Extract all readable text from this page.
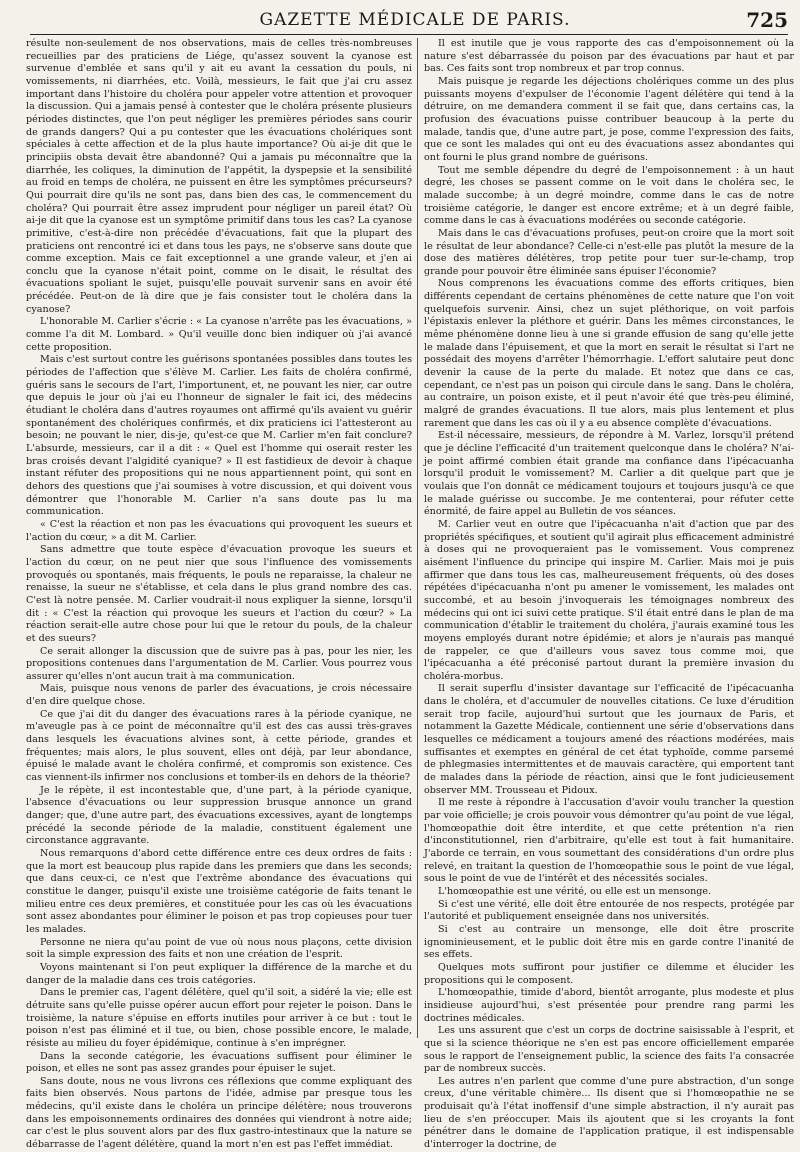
GAZETTE MÉDICALE DE PARIS.	725

résulte non-seulement de nos observations, mais de celles très-nombreuses recueillies par des praticiens de Liége, qu'assez souvent la cyanose est survenue d'emblée et sans qu'il y ait eu avant la cessation du pouls, ni vomissements, ni diarrhées, etc. Voilà, messieurs, le fait que j'ai cru assez important dans l'histoire du choléra pour appeler votre attention et provoquer la discussion. Qui a jamais pensé à contester que le choléra présente plusieurs périodes distinctes, que l'on peut négliger les premières périodes sans courir de grands dangers? Qui a pu contester que les évacuations cholériques sont spéciales à cette affection et de la plus haute importance? Où ai-je dit que le principiis obsta devait être abandonné? Qui a jamais pu méconnaître que la diarrhée, les coliques, la diminution de l'appétit, la dyspepsie et la sensibilité au froid en temps de choléra, ne puissent en être les symptômes précurseurs? Qui pourrait dire qu'ils ne sont pas, dans bien des cas, le commencement du choléra? Qui pourrait être assez imprudent pour négliger un pareil état? Où ai-je dit que la cyanose est un symptôme primitif dans tous les cas? La cyanose primitive, c'est-à-dire non précédée d'évacuations, fait que la plupart des praticiens ont rencontré ici et dans tous les pays, ne s'observe sans doute que comme exception. Mais ce fait exceptionnel a une grande valeur, et j'en ai conclu que la cyanose n'était point, comme on le disait, le résultat des évacuations spoliant le sujet, puisqu'elle pouvait survenir sans en avoir été précédée. Peut-on de là dire que je fais consister tout le choléra dans la cyanose?

L'honorable M. Carlier s'écrie : « La cyanose n'arrête pas les évacuations, » comme l'a dit M. Lombard. » Qu'il veuille donc bien indiquer où j'ai avancé cette proposition.

Mais c'est surtout contre les guérisons spontanées possibles dans toutes les périodes de l'affection que s'élève M. Carlier. Les faits de choléra confirmé, guéris sans le secours de l'art, l'importunent, et, ne pouvant les nier, car outre que depuis le jour où j'ai eu l'honneur de signaler le fait ici, des médecins étudiant le choléra dans d'autres royaumes ont affirmé qu'ils avaient vu guérir spontanément des cholériques confirmés, et dix praticiens ici l'attesteront au besoin; ne pouvant le nier, dis-je, qu'est-ce que M. Carlier m'en fait conclure? L'absurde, messieurs, car il a dit : « Quel est l'homme qui oserait rester les bras croisés devant l'algidité cyanique? » Il est fastidieux de devoir à chaque instant réfuter des propositions qui ne nous appartiennent point, qui sont en dehors des questions que j'ai soumises à votre discussion, et qui doivent vous démontrer que l'honorable M. Carlier n'a sans doute pas lu ma communication.

« C'est la réaction et non pas les évacuations qui provoquent les sueurs et l'action du cœur, » a dit M. Carlier.

Sans admettre que toute espèce d'évacuation provoque les sueurs et l'action du cœur, on ne peut nier que sous l'influence des vomissements provoqués ou spontanés, mais fréquents, le pouls ne reparaisse, la chaleur ne renaisse, la sueur ne s'établisse, et cela dans le plus grand nombre des cas. C'est là notre pensée. M. Carlier voudrait-il nous expliquer la sienne, lorsqu'il dit : « C'est la réaction qui provoque les sueurs et l'action du cœur? » La réaction serait-elle autre chose pour lui que le retour du pouls, de la chaleur et des sueurs?

Ce serait allonger la discussion que de suivre pas à pas, pour les nier, les propositions contenues dans l'argumentation de M. Carlier. Vous pourrez vous assurer qu'elles n'ont aucun trait à ma communication.

Mais, puisque nous venons de parler des évacuations, je crois nécessaire d'en dire quelque chose.

Ce que j'ai dit du danger des évacuations rares à la période cyanique, ne m'aveugle pas à ce point de méconnaître qu'il est des cas aussi très-graves dans lesquels les évacuations alvines sont, à cette période, grandes et fréquentes; mais alors, le plus souvent, elles ont déjà, par leur abondance, épuisé le malade avant le choléra confirmé, et compromis son existence. Ces cas viennent-ils infirmer nos conclusions et tomber-ils en dehors de la théorie?

Je le répète, il est incontestable que, d'une part, à la période cyanique, l'absence d'évacuations ou leur suppression brusque annonce un grand danger; que, d'une autre part, des évacuations excessives, ayant de longtemps précédé la seconde période de la maladie, constituent également une circonstance aggravante.

Nous remarquons d'abord cette différence entre ces deux ordres de faits : que la mort est beaucoup plus rapide dans les premiers que dans les seconds; que dans ceux-ci, ce n'est que l'extrême abondance des évacuations qui constitue le danger, puisqu'il existe une troisième catégorie de faits tenant le milieu entre ces deux premières, et constituée pour les cas où les évacuations sont assez abondantes pour éliminer le poison et pas trop copieuses pour tuer les malades.

Personne ne niera qu'au point de vue où nous nous plaçons, cette division soit la simple expression des faits et non une création de l'esprit.

Voyons maintenant si l'on peut expliquer la différence de la marche et du danger de la maladie dans ces trois catégories.

Dans le premier cas, l'agent délétère, quel qu'il soit, a sidéré la vie; elle est détruite sans qu'elle puisse opérer aucun effort pour rejeter le poison. Dans le troisième, la nature s'épuise en efforts inutiles pour arriver à ce but : tout le poison n'est pas éliminé et il tue, ou bien, chose possible encore, le malade, résiste au milieu du foyer épidémique, continue à s'en imprégner.

Dans la seconde catégorie, les évacuations suffisent pour éliminer le poison, et elles ne sont pas assez grandes pour épuiser le sujet.

Sans doute, nous ne vous livrons ces réflexions que comme expliquant des faits bien observés. Nous partons de l'idée, admise par presque tous les médecins, qu'il existe dans le choléra un principe délétère; nous trouverons dans les empoisonnements ordinaires des données qui viendront à notre aide; car c'est le plus souvent alors par des flux gastro-intestinaux que la nature se débarrasse de l'agent délétère, quand la mort n'en est pas l'effet immédiat.

Il est inutile que je vous rapporte des cas d'empoisonnement où la nature s'est débarrassée du poison par des évacuations par haut et par bas. Ces faits sont trop nombreux et par trop connus.

Mais puisque je regarde les déjections cholériques comme un des plus puissants moyens d'expulser de l'économie l'agent délétère qui tend à la détruire, on me demandera comment il se fait que, dans certains cas, la profusion des évacuations puisse contribuer beaucoup à la perte du malade, tandis que, d'une autre part, je pose, comme l'expression des faits, que ce sont les malades qui ont eu des évacuations assez abondantes qui ont fourni le plus grand nombre de guérisons.

Tout me semble dépendre du degré de l'empoisonnement : à un haut degré, les choses se passent comme on le voit dans le choléra sec, le malade succombe; à un degré moindre, comme dans le cas de notre troisième catégorie, le danger est encore extrême; et à un degré faible, comme dans le cas à évacuations modérées ou seconde catégorie.

Mais dans le cas d'évacuations profuses, peut-on croire que la mort soit le résultat de leur abondance? Celle-ci n'est-elle pas plutôt la mesure de la dose des matières délétères, trop petite pour tuer sur-le-champ, trop grande pour pouvoir être éliminée sans épuiser l'économie?

Nous comprenons les évacuations comme des efforts critiques, bien différents cependant de certains phénomènes de cette nature que l'on voit quelquefois survenir. Ainsi, chez un sujet pléthorique, on voit parfois l'épistaxis enlever la pléthore et guérir. Dans les mêmes circonstances, le même phénomène donne lieu à une si grande effusion de sang qu'elle jette le malade dans l'épuisement, et que la mort en serait le résultat si l'art ne possédait des moyens d'arrêter l'hémorrhagie. L'effort salutaire peut donc devenir la cause de la perte du malade. Et notez que dans ce cas, cependant, ce n'est pas un poison qui circule dans le sang. Dans le choléra, au contraire, un poison existe, et il peut n'avoir été que très-peu éliminé, malgré de grandes évacuations. Il tue alors, mais plus lentement et plus rarement que dans les cas où il y a eu absence complète d'évacuations.

Est-il nécessaire, messieurs, de répondre à M. Varlez, lorsqu'il prétend que je décline l'efficacité d'un traitement quelconque dans le choléra? N'ai-je point affirmé combien était grande ma confiance dans l'ipécacuanha lorsqu'il produit le vomissement? M. Carlier a dit quelque part que je voulais que l'on donnât ce médicament toujours et toujours jusqu'à ce que le malade guérisse ou succombe. Je me contenterai, pour réfuter cette énormité, de faire appel au Bulletin de vos séances.

M. Carlier veut en outre que l'ipécacuanha n'ait d'action que par des propriétés spécifiques, et soutient qu'il agirait plus efficacement administré à doses qui ne provoqueraient pas le vomissement. Vous comprenez aisément l'influence du principe qui inspire M. Carlier. Mais moi je puis affirmer que dans tous les cas, malheureusement fréquents, où des doses répétées d'ipécacuanha n'ont pu amener le vomissement, les malades ont succombé, et au besoin j'invoquerais les témoignages nombreux des médecins qui ont ici suivi cette pratique. S'il était entré dans le plan de ma communication d'établir le traitement du choléra, j'aurais examiné tous les moyens employés durant notre épidémie; et alors je n'aurais pas manqué de rappeler, ce que d'ailleurs vous savez tous comme moi, que l'ipécacuanha a été préconisé partout durant la première invasion du choléra-morbus.

Il serait superflu d'insister davantage sur l'efficacité de l'ipécacuanha dans le choléra, et d'accumuler de nouvelles citations. Ce luxe d'érudition serait trop facile, aujourd'hui surtout que les journaux de Paris, et notamment la Gazette Médicale, contiennent une série d'observations dans lesquelles ce médicament a toujours amené des réactions modérées, mais suffisantes et exemptes en général de cet état typhoïde, comme parsemé de phlegmasies intermittentes et de mauvais caractère, qui emportent tant de malades dans la période de réaction, ainsi que le font judicieusement observer MM. Trousseau et Pidoux.

Il me reste à répondre à l'accusation d'avoir voulu trancher la question par voie officielle; je crois pouvoir vous démontrer qu'au point de vue légal, l'homœopathie doit être interdite, et que cette prétention n'a rien d'inconstitutionnel, rien d'arbitraire, qu'elle est tout à fait humanitaire. J'aborde ce terrain, en vous soumettant des considérations d'un ordre plus relevé, en traitant la question de l'homœopathie sous le point de vue légal, sous le point de vue de l'intérêt et des nécessités sociales.

L'homœopathie est une vérité, ou elle est un mensonge.

Si c'est une vérité, elle doit être entourée de nos respects, protégée par l'autorité et publiquement enseignée dans nos universités.

Si c'est au contraire un mensonge, elle doit être proscrite ignominieusement, et le public doit être mis en garde contre l'inanité de ses effets.

Quelques mots suffiront pour justifier ce dilemme et élucider les propositions qui le composent.

L'homœopathie, timide d'abord, bientôt arrogante, plus modeste et plus insidieuse aujourd'hui, s'est présentée pour prendre rang parmi les doctrines médicales.

Les uns assurent que c'est un corps de doctrine saisissable à l'esprit, et que si la science théorique ne s'en est pas encore officiellement emparée sous le rapport de l'enseignement public, la science des faits l'a consacrée par de nombreux succès.

Les autres n'en parlent que comme d'une pure abstraction, d'un songe creux, d'une véritable chimère... Ils disent que si l'homœopathie ne se produisait qu'à l'état inoffensif d'une simple abstraction, il n'y aurait pas lieu de s'en préoccuper. Mais ils ajoutent que si les croyants la font pénétrer dans le domaine de l'application pratique, il est indispensable d'interroger la doctrine, de
